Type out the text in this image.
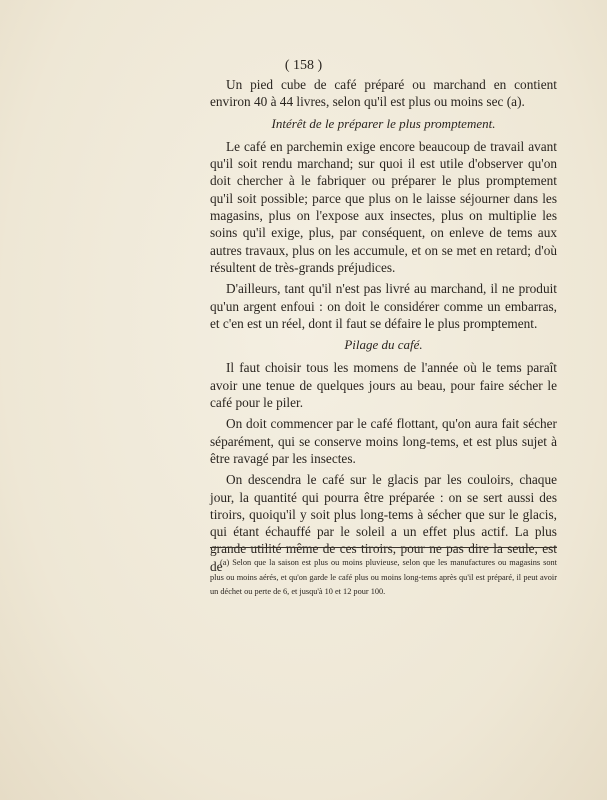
( 158 )

Un pied cube de café préparé ou marchand en contient environ 40 à 44 livres, selon qu'il est plus ou moins sec (a).

Intérêt de le préparer le plus promptement.

Le café en parchemin exige encore beaucoup de travail avant qu'il soit rendu marchand; sur quoi il est utile d'observer qu'on doit chercher à le fabriquer ou préparer le plus promptement qu'il soit possible; parce que plus on le laisse séjourner dans les magasins, plus on l'expose aux insectes, plus on multiplie les soins qu'il exige, plus, par conséquent, on enleve de tems aux autres travaux, plus on les accumule, et on se met en retard; d'où résultent de très-grands préjudices.

D'ailleurs, tant qu'il n'est pas livré au marchand, il ne produit qu'un argent enfoui : on doit le considérer comme un embarras, et c'en est un réel, dont il faut se défaire le plus promptement.

Pilage du café.

Il faut choisir tous les momens de l'année où le tems paraît avoir une tenue de quelques jours au beau, pour faire sécher le café pour le piler.

On doit commencer par le café flottant, qu'on aura fait sécher séparément, qui se conserve moins long-tems, et est plus sujet à être ravagé par les insectes.

On descendra le café sur le glacis par les couloirs, chaque jour, la quantité qui pourra être préparée : on se sert aussi des tiroirs, quoiqu'il y soit plus long-tems à sécher que sur le glacis, qui étant échauffé par le soleil a un effet plus actif. La plus grande utilité même de ces tiroirs, pour ne pas dire la seule, est de

(a) Selon que la saison est plus ou moins pluvieuse, selon que les manufactures ou magasins sont plus ou moins aérés, et qu'on garde le café plus ou moins long-tems après qu'il est préparé, il peut avoir un déchet ou perte de 6, et jusqu'à 10 et 12 pour 100.
